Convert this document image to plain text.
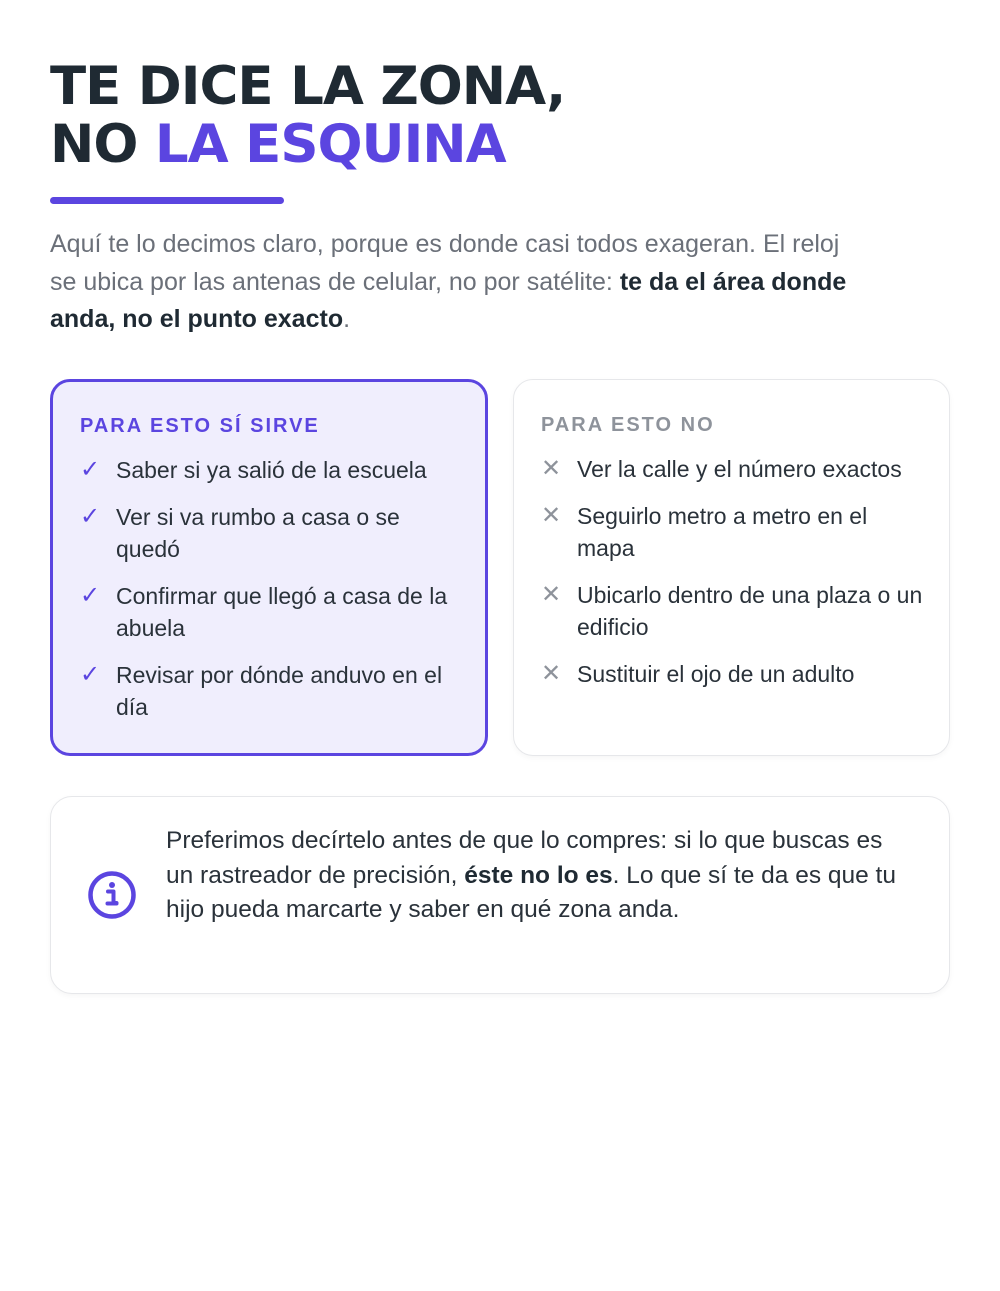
TE DICE LA ZONA,
NO LA ESQUINA

Aquí te lo decimos claro, porque es donde casi todos exageran. El reloj se ubica por las antenas de celular, no por satélite: te da el área donde anda, no el punto exacto.

PARA ESTO SÍ SIRVE
✓ Saber si ya salió de la escuela
✓ Ver si va rumbo a casa o se quedó
✓ Confirmar que llegó a casa de la abuela
✓ Revisar por dónde anduvo en el día
PARA ESTO NO
✕ Ver la calle y el número exactos
✕ Seguirlo metro a metro en el mapa
✕ Ubicarlo dentro de una plaza o un edificio
✕ Sustituir el ojo de un adulto

Preferimos decírtelo antes de que lo compres: si lo que buscas es un rastreador de precisión, éste no lo es. Lo que sí te da es que tu hijo pueda marcarte y saber en qué zona anda.
